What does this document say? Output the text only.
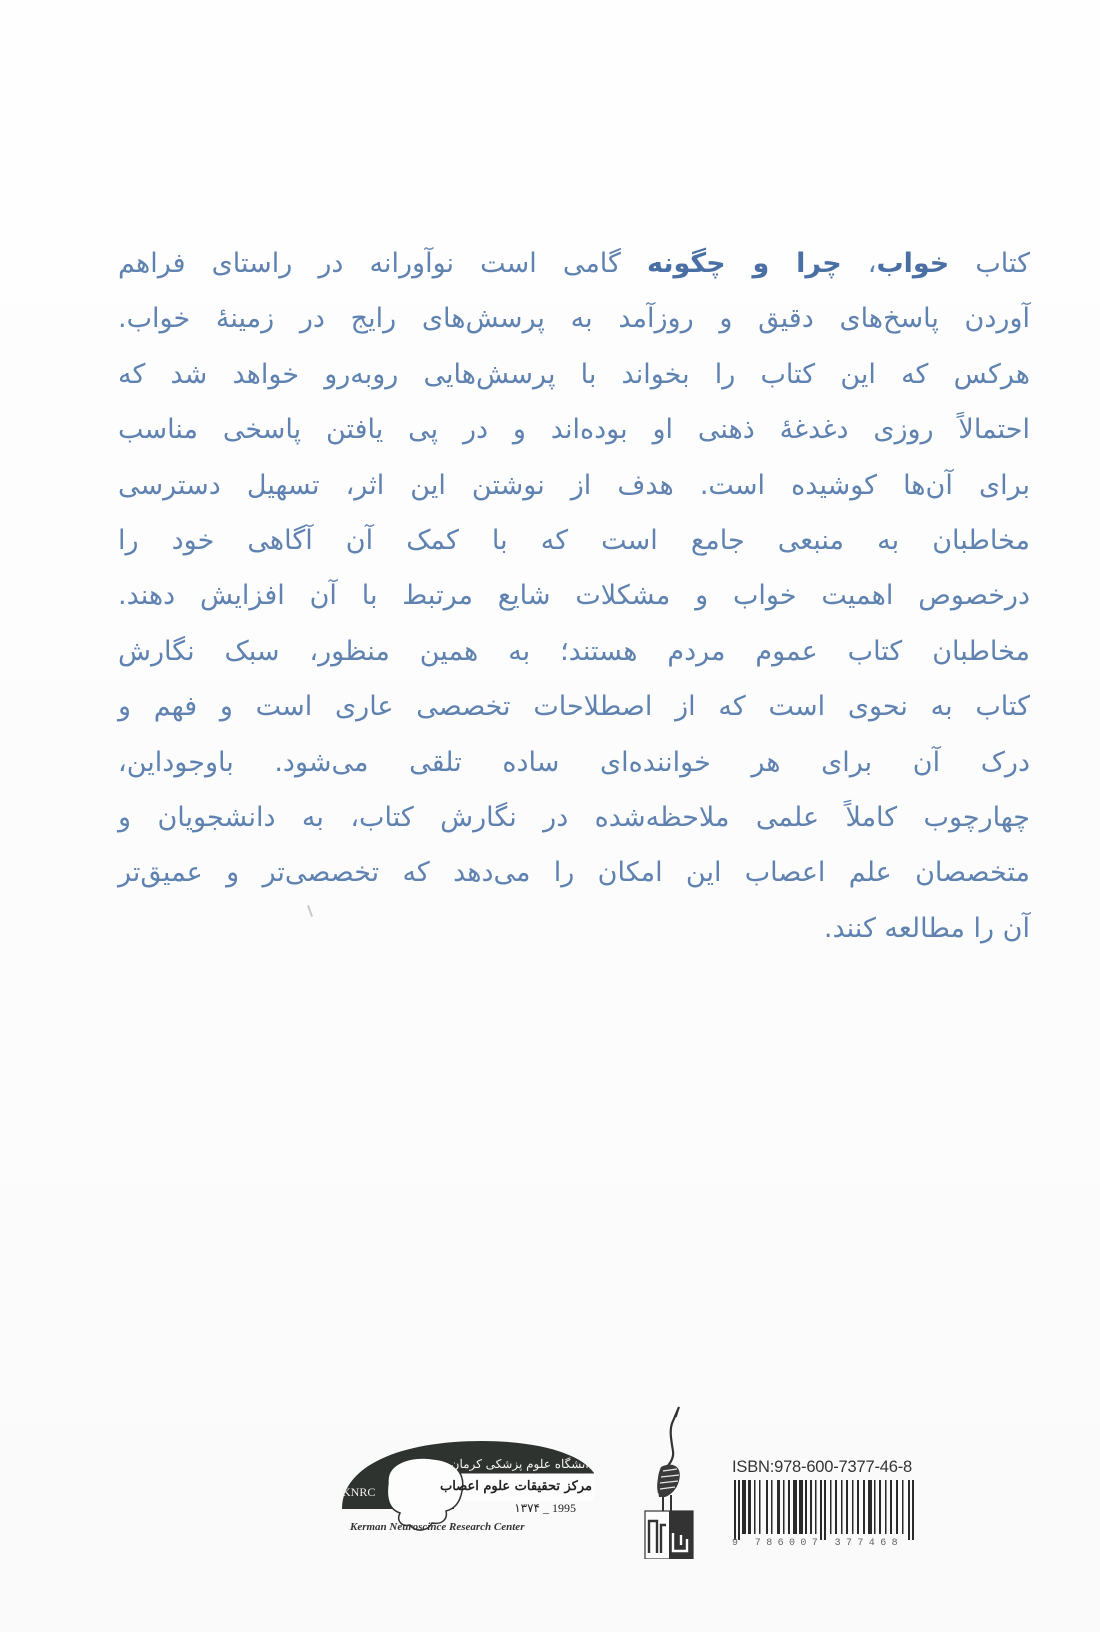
کتاب خواب، چرا و چگونه گامی است نوآورانه در راستای فراهم
آوردن پاسخ‌های دقیق و روزآمد به پرسش‌های رایج در زمینهٔ خواب.
هرکس که این کتاب را بخواند با پرسش‌هایی روبه‌رو خواهد شد که
احتمالاً روزی دغدغهٔ ذهنی او بوده‌اند و در پی یافتن پاسخی مناسب
برای آن‌ها کوشیده است. هدف از نوشتن این اثر، تسهیل دسترسی
مخاطبان به منبعی جامع است که با کمک آن آگاهی خود را
درخصوص اهمیت خواب و مشکلات شایع مرتبط با آن افزایش دهند.
مخاطبان کتاب عموم مردم هستند؛ به همین منظور، سبک نگارش
کتاب به نحوی است که از اصطلاحات تخصصی عاری است و فهم و
درک آن برای هر خواننده‌ای ساده تلقی می‌شود. باوجوداین،
چهارچوب کاملاً علمی ملاحظه‌شده در نگارش کتاب، به دانشجویان و
متخصصان علم اعصاب این امکان را می‌دهد که تخصصی‌تر و عمیق‌تر
آن را مطالعه کنند.
دانشگاه علوم پزشکی کرمان
مرکز تحقیقات علوم اعصاب
KNRC
۱۳۷۴ _ 1995
Kerman Neuroscince Research Center
ISBN:978-600-7377-46-8
9 786007 377468
